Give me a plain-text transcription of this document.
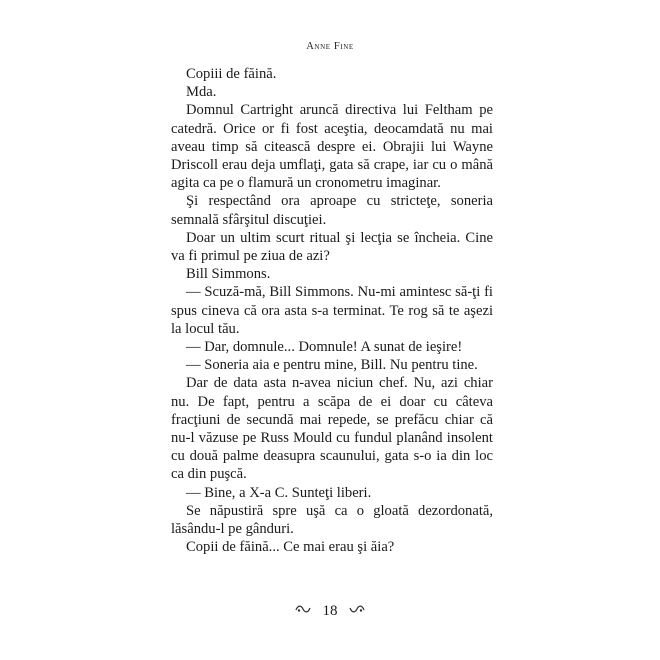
Anne Fine

Copiii de făină.

Mda.

Domnul Cartright aruncă directiva lui Feltham pe catedră. Orice or fi fost aceştia, deocamdată nu mai aveau timp să citească despre ei. Obrajii lui Wayne Driscoll erau deja umflaţi, gata să crape, iar cu o mână agita ca pe o flamură un cronometru imaginar.

Şi respectând ora aproape cu stricteţe, soneria semnală sfârşitul discuţiei.

Doar un ultim scurt ritual şi lecţia se încheia. Cine va fi primul pe ziua de azi?

Bill Simmons.

— Scuză-mă, Bill Simmons. Nu-mi amintesc să-ţi fi spus cineva că ora asta s-a terminat. Te rog să te aşezi la locul tău.

— Dar, domnule... Domnule! A sunat de ieşire!

— Soneria aia e pentru mine, Bill. Nu pentru tine.

Dar de data asta n-avea niciun chef. Nu, azi chiar nu. De fapt, pentru a scăpa de ei doar cu câteva fracţiuni de secundă mai repede, se prefăcu chiar că nu-l văzuse pe Russ Mould cu fundul planând insolent cu două palme deasupra scaunului, gata s-o ia din loc ca din puşcă.

— Bine, a X-a C. Sunteţi liberi.

Se năpustiră spre uşă ca o gloată dezordonată, lăsându-l pe gânduri.

Copii de făină... Ce mai erau şi ăia?

18
